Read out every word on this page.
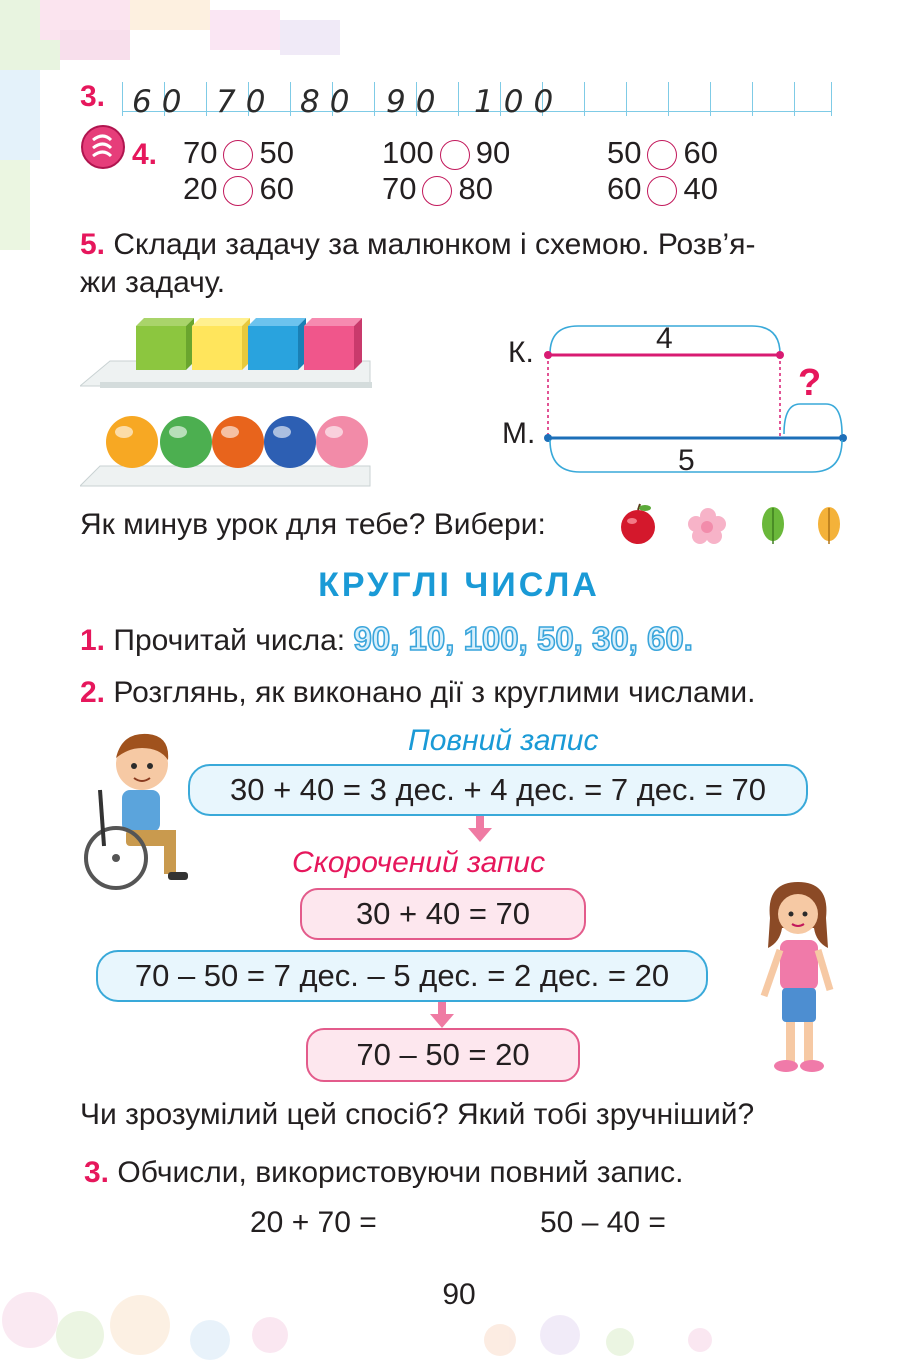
3. 60 70 80 90 100
4. 70 50	100 90	50 60
20 60	70 80	60 40
5. Склади задачу за малюнком і схемою. Розв’я-
жи задачу.
К.
М.
4
5
?
Як минув урок для тебе? Вибери:
КРУГЛІ ЧИСЛА
1. Прочитай числа: 90, 10, 100, 50, 30, 60.
2. Розглянь, як виконано дії з круглими числами.
Повний запис
30 + 40 = 3 дес. + 4 дес. = 7 дес. = 70
Скорочений запис
30 + 40 = 70
70 – 50 = 7 дес. – 5 дес. = 2 дес. = 20
70 – 50 = 20
Чи зрозумілий цей спосіб? Який тобі зручніший?
3. Обчисли, використовуючи повний запис.
20 + 70 =	50 – 40 =
90
